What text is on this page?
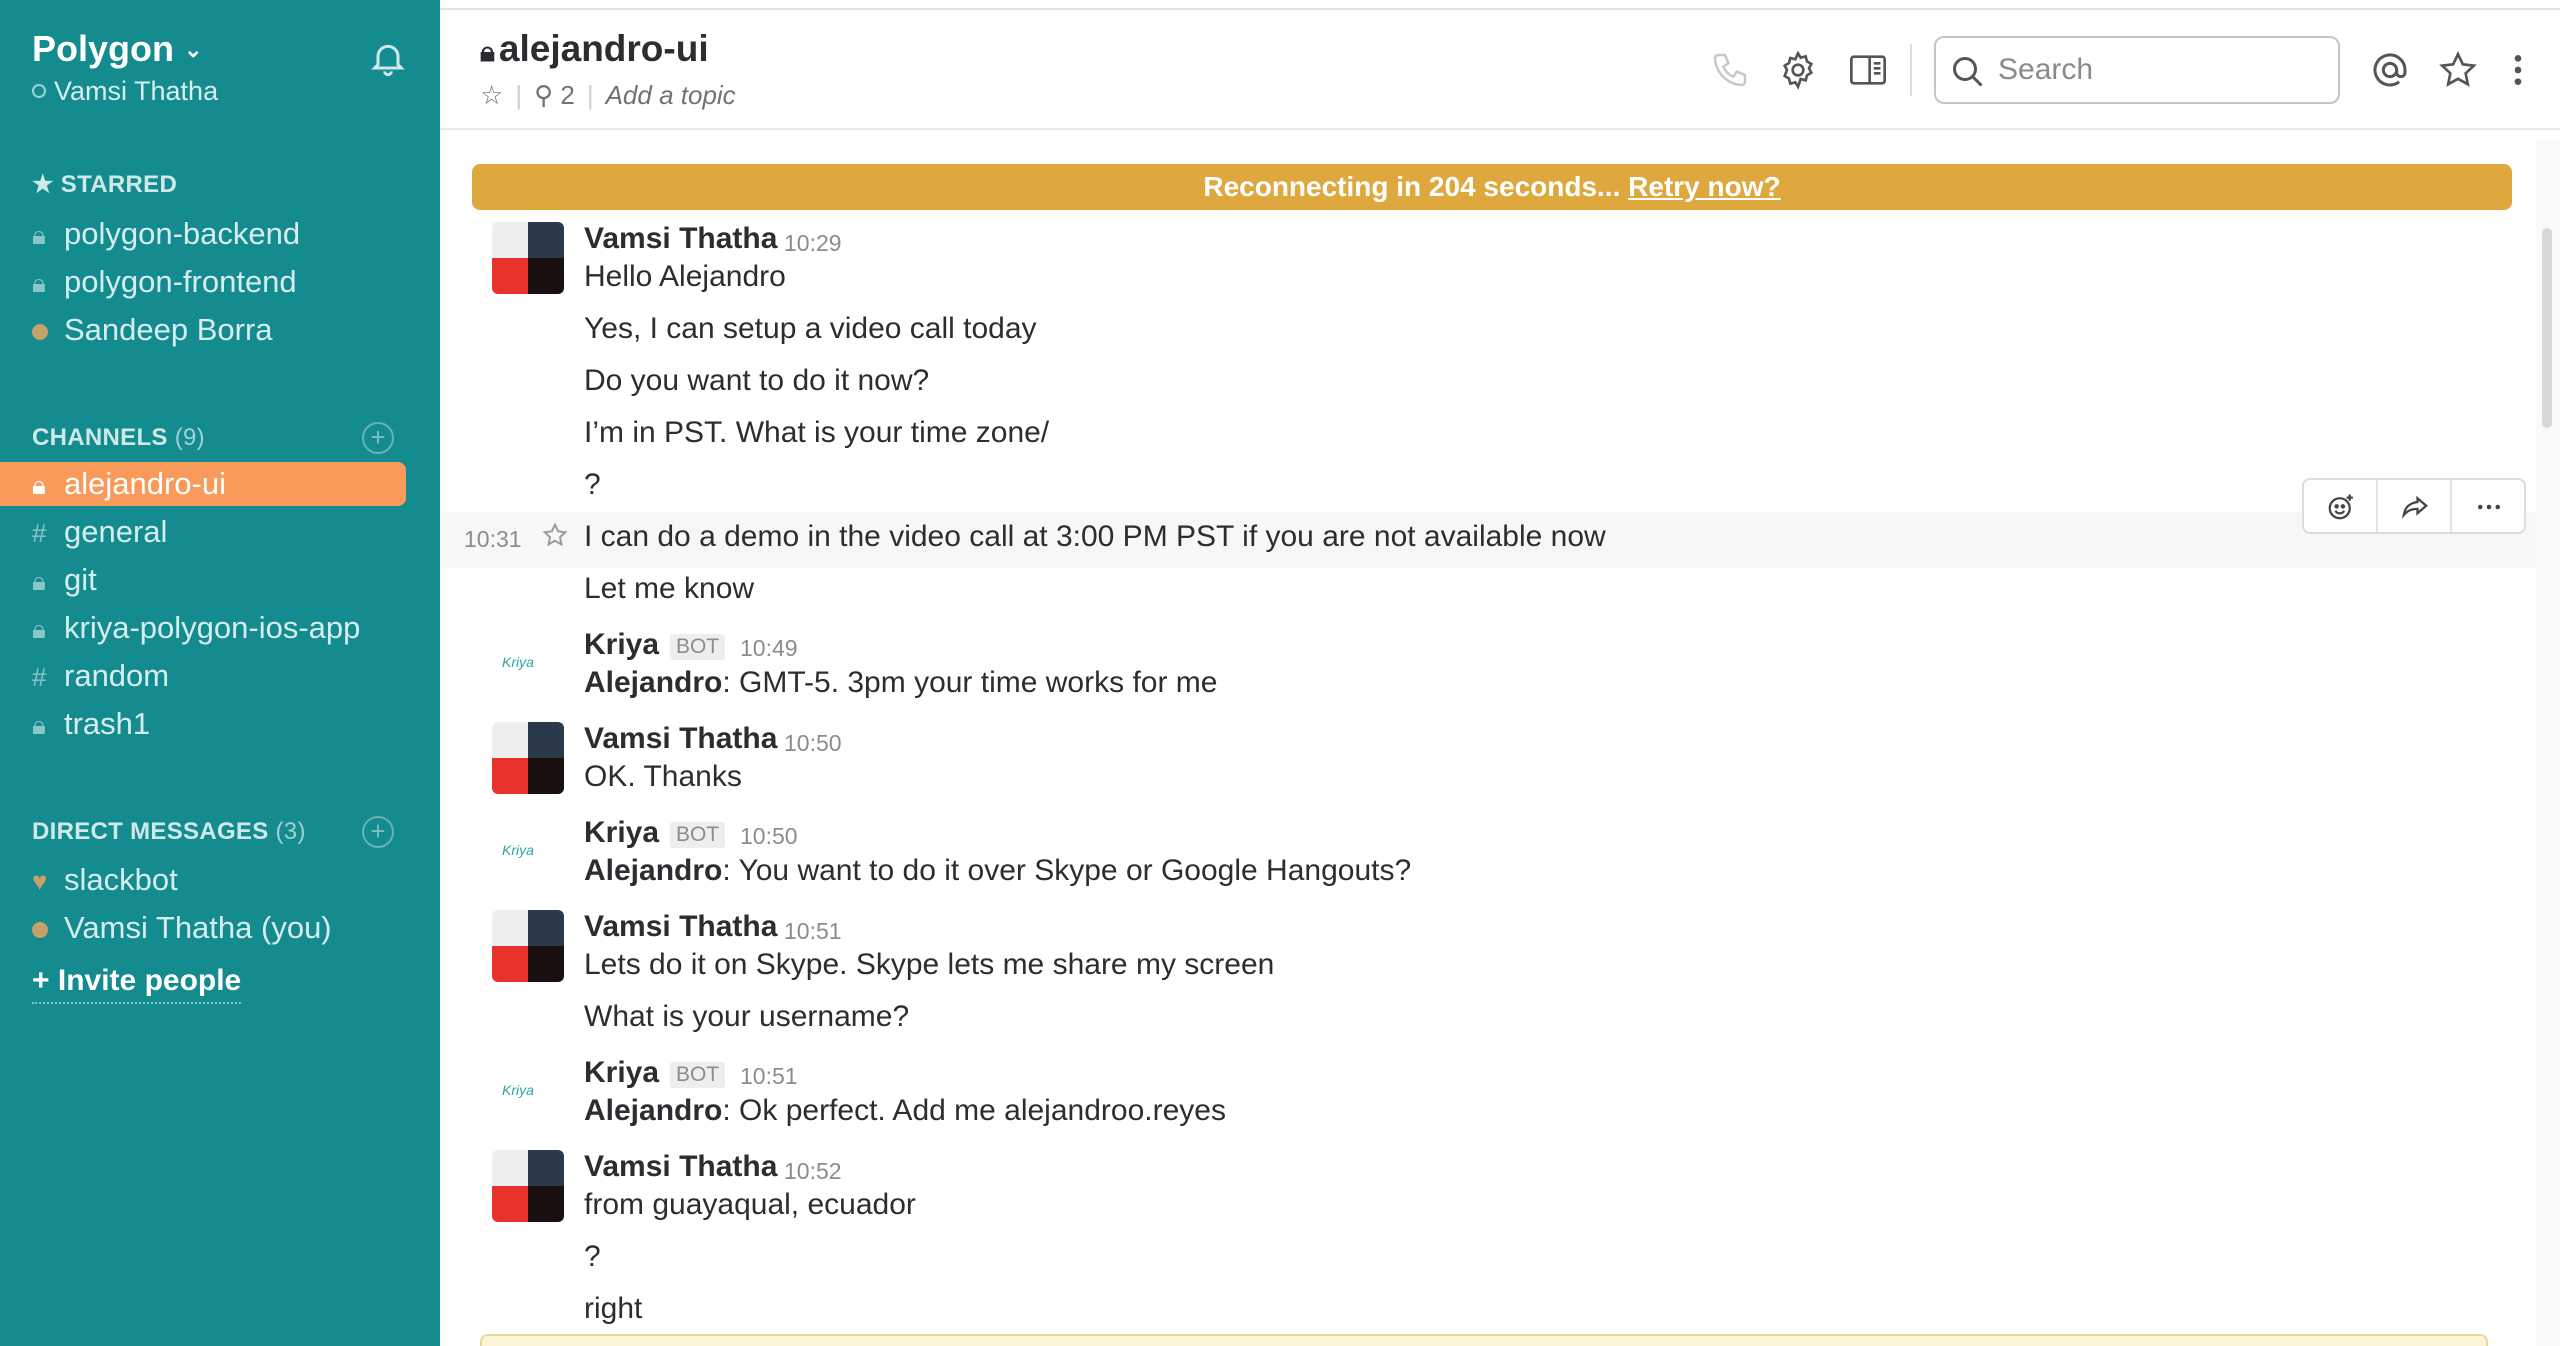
Polygon ⌄
Vamsi Thatha
★ STARRED
🔒︎ polygon-backend
🔒︎ polygon-frontend
Sandeep Borra
CHANNELS (9)	+
🔒︎ alejandro-ui
# general
🔒︎ git
🔒︎ kriya-polygon-ios-app
# random
🔒︎ trash1
DIRECT MESSAGES (3)	+
♥ slackbot
Vamsi Thatha (you)
+ Invite people
🔒︎ alejandro-ui
☆ | ⚲ 2 | Add a topic
Search
Reconnecting in 204 seconds... Retry now?
Vamsi Thatha 10:29
Hello Alejandro
Yes, I can setup a video call today
Do you want to do it now?
I’m in PST. What is your time zone/
?
10:31 I can do a demo in the video call at 3:00 PM PST if you are not available now
Let me know
Kriya
Kriya BOT 10:49
Alejandro: GMT-5. 3pm your time works for me
Vamsi Thatha 10:50
OK. Thanks
Kriya
Kriya BOT 10:50
Alejandro: You want to do it over Skype or Google Hangouts?
Vamsi Thatha 10:51
Lets do it on Skype. Skype lets me share my screen
What is your username?
Kriya
Kriya BOT 10:51
Alejandro: Ok perfect. Add me alejandroo.reyes
Vamsi Thatha 10:52
from guayaqual, ecuador
?
right
